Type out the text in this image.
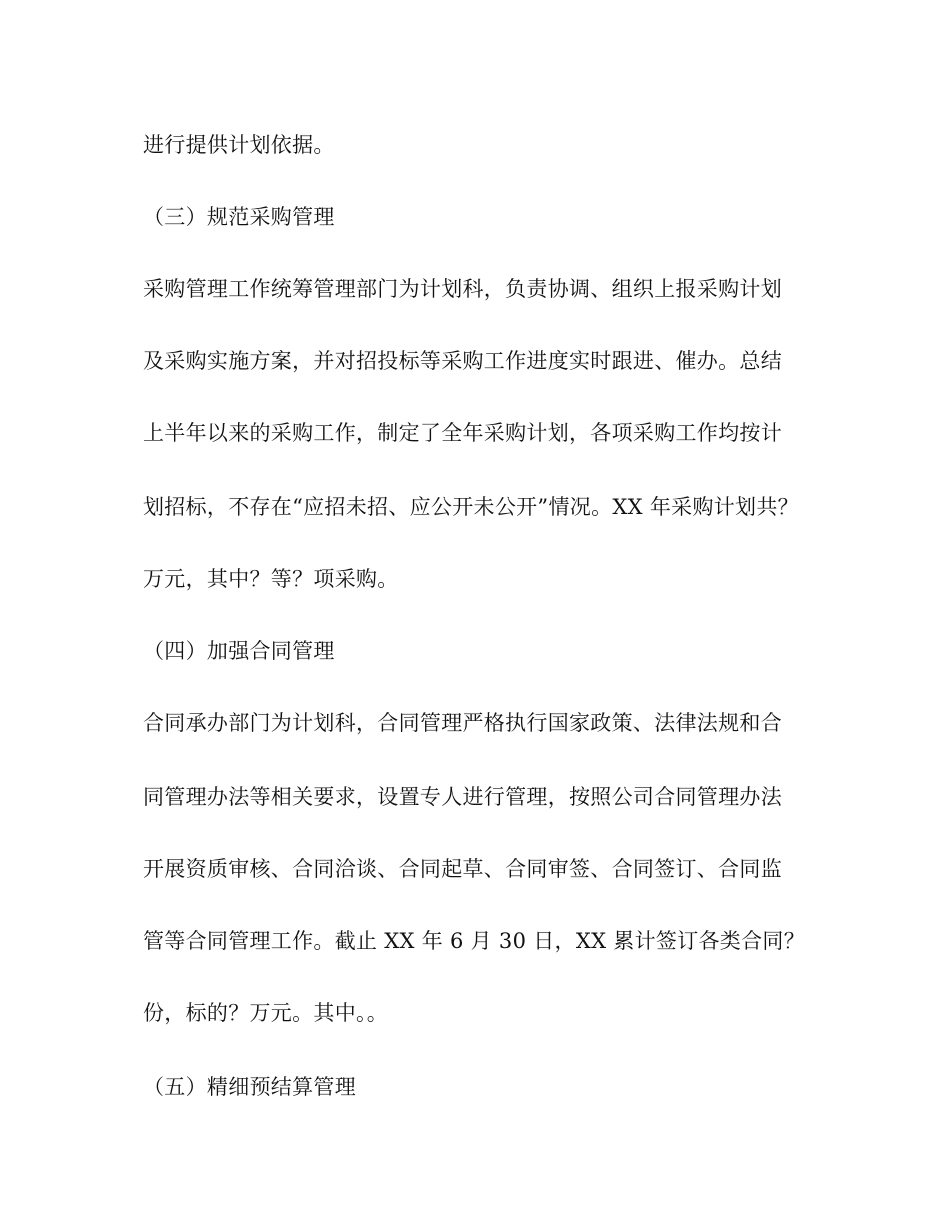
进行提供计划依据。
（三）规范采购管理
采购管理工作统筹管理部门为计划科，负责协调、组织上报采购计划
及采购实施方案，并对招投标等采购工作进度实时跟进、催办。总结
上半年以来的采购工作，制定了全年采购计划，各项采购工作均按计
划招标，不存在“应招未招、应公开未公开”情况。XX 年采购计划共？
万元，其中？等？项采购。
（四）加强合同管理
合同承办部门为计划科，合同管理严格执行国家政策、法律法规和合
同管理办法等相关要求，设置专人进行管理，按照公司合同管理办法
开展资质审核、合同洽谈、合同起草、合同审签、合同签订、合同监
管等合同管理工作。截止 XX 年 6 月 30 日，XX 累计签订各类合同？
份，标的？万元。其中。。
（五）精细预结算管理
